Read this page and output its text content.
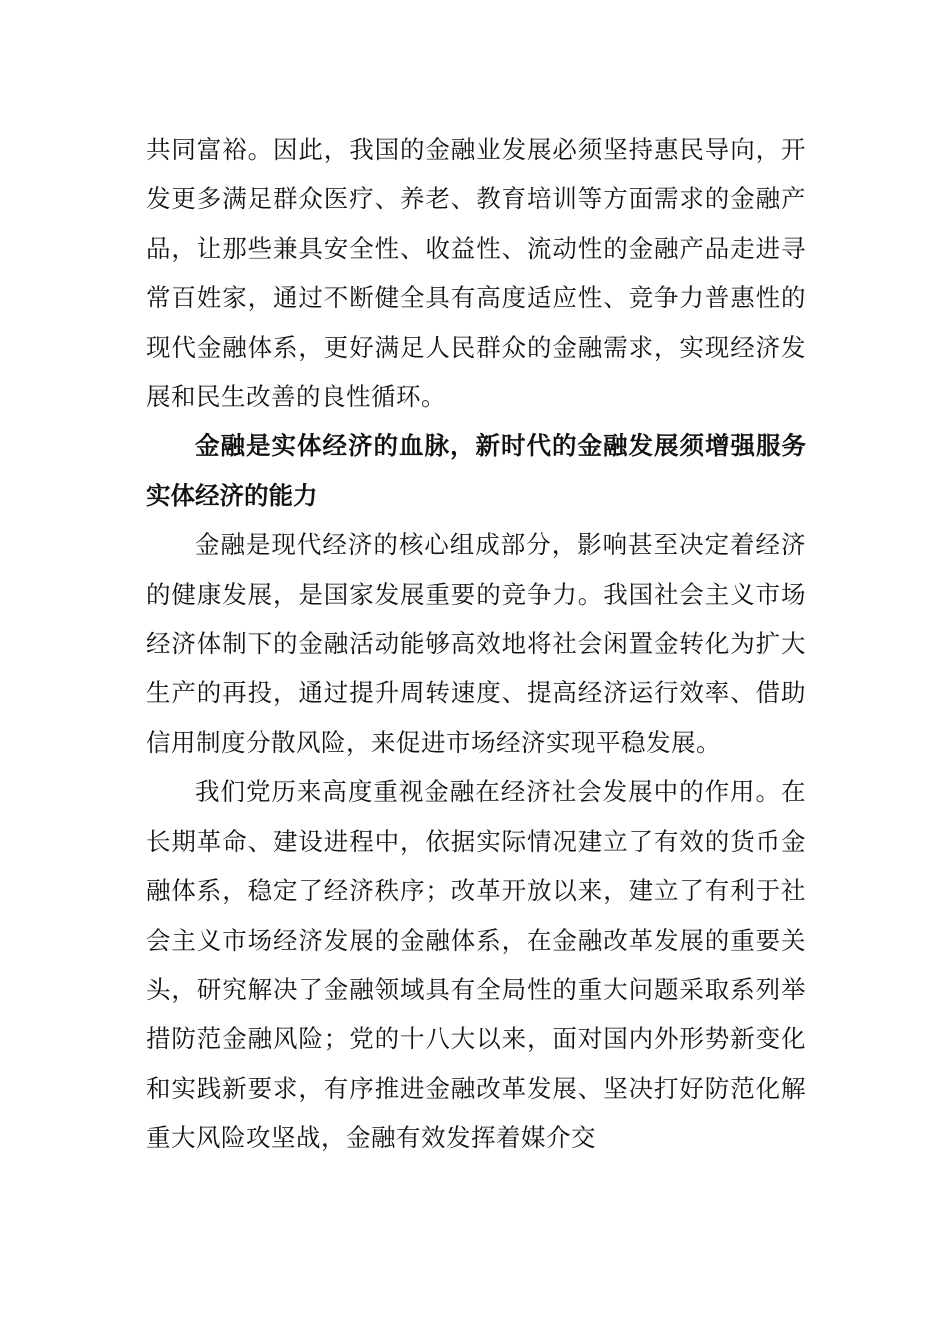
共同富裕。因此，我国的金融业发展必须坚持惠民导向，开发更多满足群众医疗、养老、教育培训等方面需求的金融产品，让那些兼具安全性、收益性、流动性的金融产品走进寻常百姓家，通过不断健全具有高度适应性、竞争力普惠性的现代金融体系，更好满足人民群众的金融需求，实现经济发展和民生改善的良性循环。

金融是实体经济的血脉，新时代的金融发展须增强服务实体经济的能力

金融是现代经济的核心组成部分，影响甚至决定着经济的健康发展，是国家发展重要的竞争力。我国社会主义市场经济体制下的金融活动能够高效地将社会闲置金转化为扩大生产的再投，通过提升周转速度、提高经济运行效率、借助信用制度分散风险，来促进市场经济实现平稳发展。

我们党历来高度重视金融在经济社会发展中的作用。在长期革命、建设进程中，依据实际情况建立了有效的货币金融体系，稳定了经济秩序；改革开放以来，建立了有利于社会主义市场经济发展的金融体系，在金融改革发展的重要关头，研究解决了金融领域具有全局性的重大问题采取系列举措防范金融风险；党的十八大以来，面对国内外形势新变化和实践新要求，有序推进金融改革发展、坚决打好防范化解重大风险攻坚战，金融有效发挥着媒介交
